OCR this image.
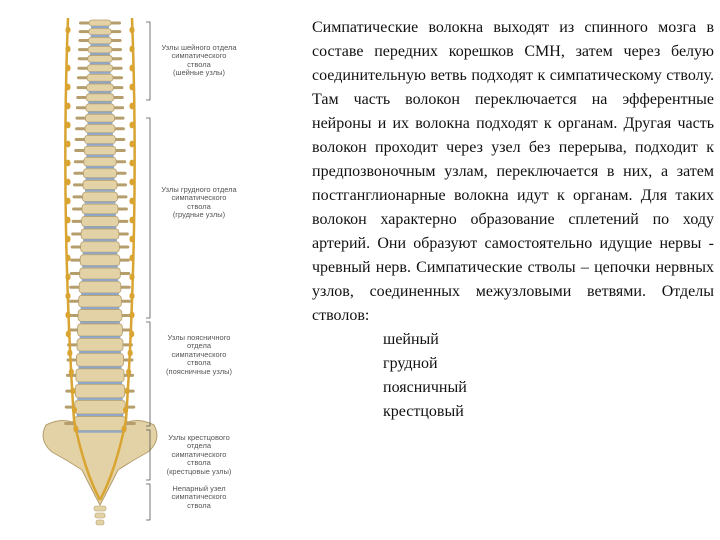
Узлы шейного отдела
симпатического
ствола
(шейные узлы)
Узлы грудного отдела
симпатического
ствола
(грудные узлы)
Узлы поясничного
отдела
симпатического
ствола
(поясничные узлы)
Узлы крестцового
отдела
симпатического
ствола
(крестцовые узлы)
Непарный узел
симпатического
ствола

Симпатические волокна выходят из спинного мозга в составе передних корешков СМН, затем через белую соединительную ветвь подходят к симпатическому стволу. Там часть волокон переключается на эфферентные нейроны и их волокна подходят к органам. Другая часть волокон проходит через узел без перерыва, подходит к предпозвоночным узлам, переключается в них, а затем постганглионарные волокна идут к органам. Для таких волокон характерно образование сплетений по ходу артерий. Они образуют самостоятельно идущие нервы - чревный нерв. Симпатические стволы – цепочки нервных узлов, соединенных межузловыми ветвями. Отделы стволов:

шейный
грудной
поясничный
крестцовый
